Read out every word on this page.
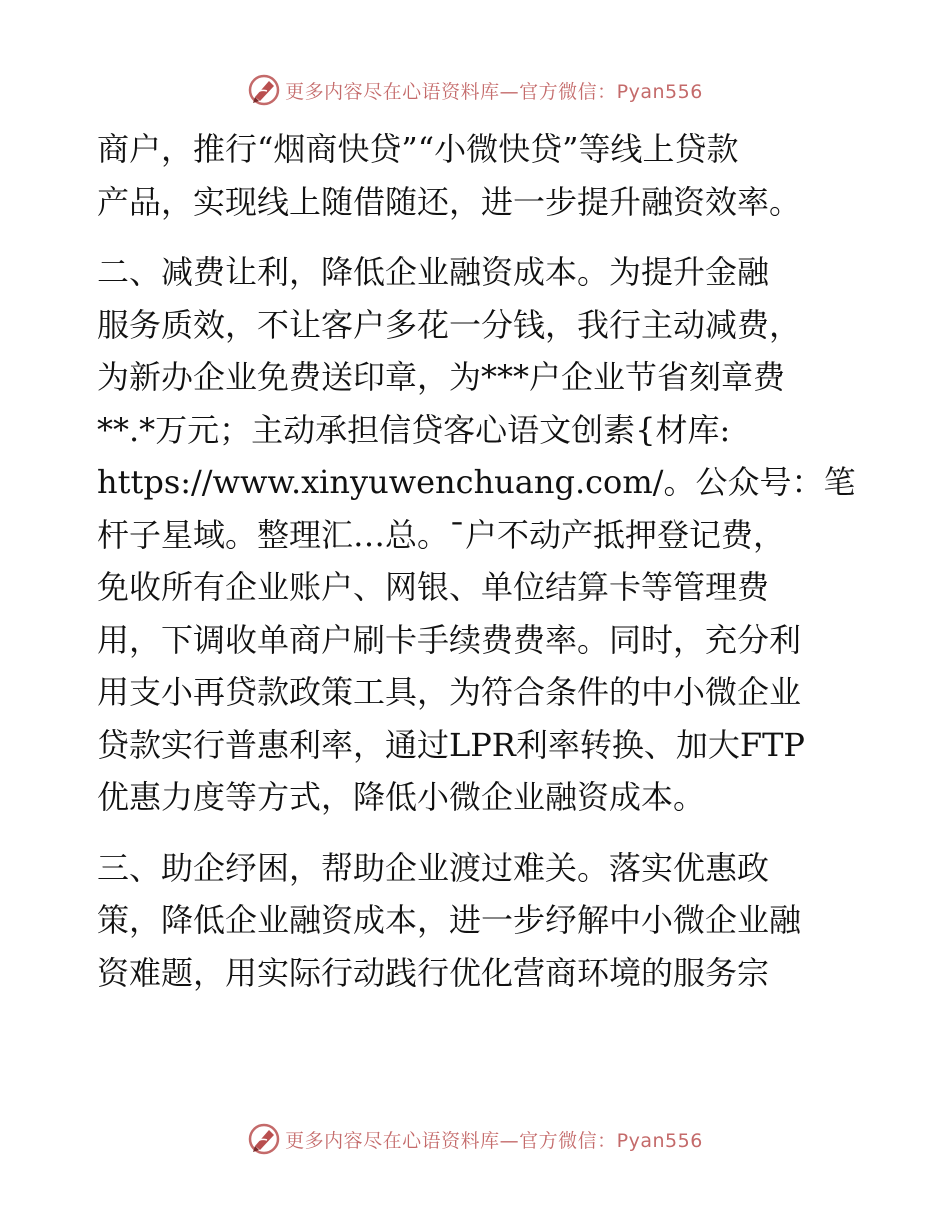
更多内容尽在心语资料库—官方微信：Pyan556

商户，推行“烟商快贷”“小微快贷”等线上贷款
产品，实现线上随借随还，进一步提升融资效率。

二、减费让利，降低企业融资成本。为提升金融
服务质效，不让客户多花一分钱，我行主动减费，
为新办企业免费送印章，为***户企业节省刻章费
**.*万元；主动承担信贷客心语文创素{材库:
https://www.xinyuwenchuang.com/。公众号：笔
杆子星域。整理汇…总。¯户不动产抵押登记费，
免收所有企业账户、网银、单位结算卡等管理费
用，下调收单商户刷卡手续费费率。同时，充分利
用支小再贷款政策工具，为符合条件的中小微企业
贷款实行普惠利率，通过LPR利率转换、加大FTP
优惠力度等方式，降低小微企业融资成本。

三、助企纾困，帮助企业渡过难关。落实优惠政
策，降低企业融资成本，进一步纾解中小微企业融
资难题，用实际行动践行优化营商环境的服务宗

更多内容尽在心语资料库—官方微信：Pyan556
